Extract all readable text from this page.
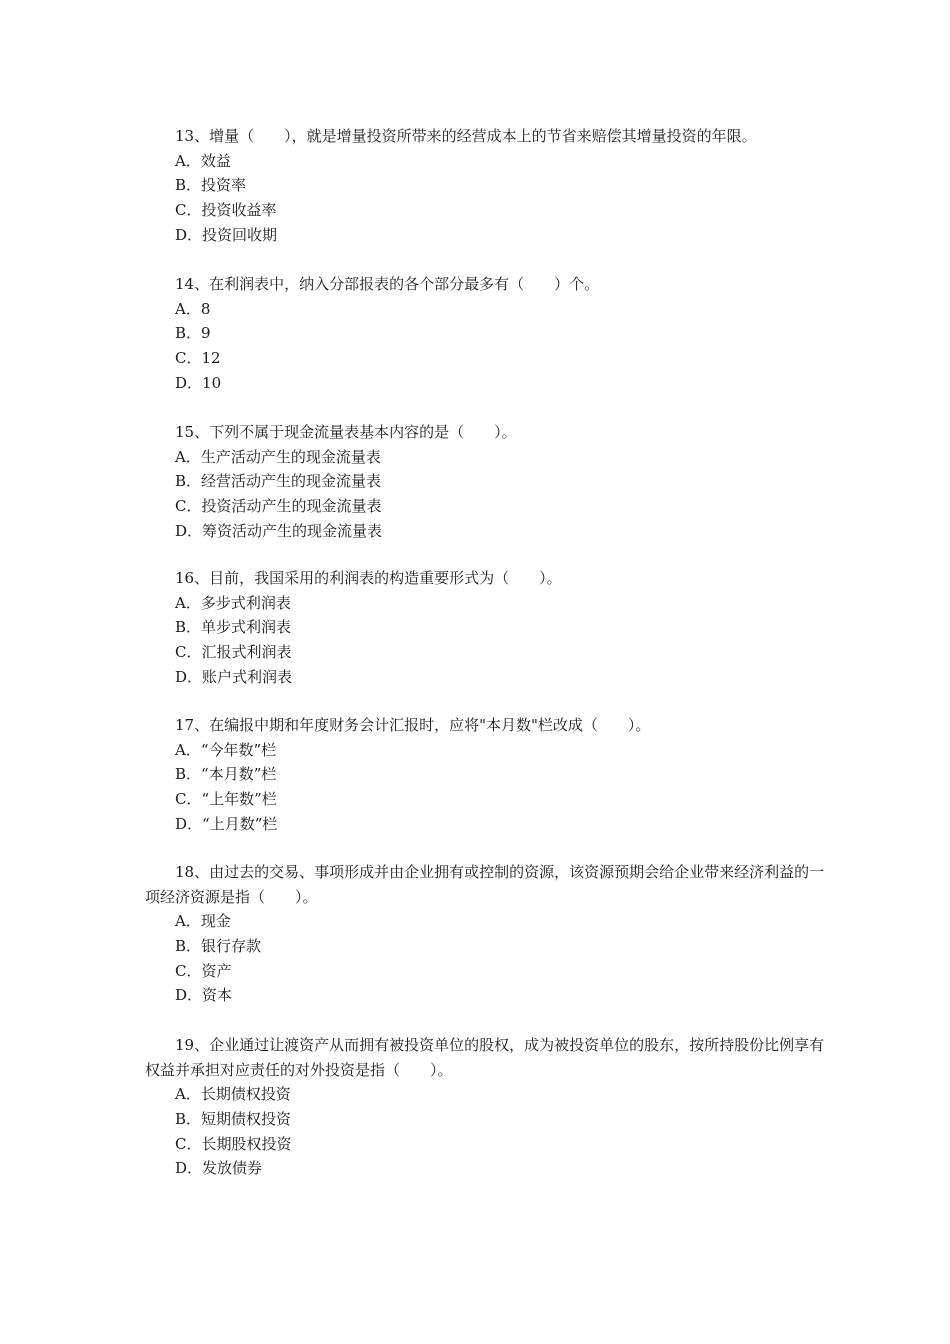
13、增量（　　），就是增量投资所带来的经营成本上的节省来赔偿其增量投资的年限。

A．效益
B．投资率
C．投资收益率
D．投资回收期

14、在利润表中，纳入分部报表的各个部分最多有（　　）个。

A．8
B．9
C．12
D．10

15、下列不属于现金流量表基本内容的是（　　）。

A．生产活动产生的现金流量表
B．经营活动产生的现金流量表
C．投资活动产生的现金流量表
D．筹资活动产生的现金流量表

16、目前，我国采用的利润表的构造重要形式为（　　）。

A．多步式利润表
B．单步式利润表
C．汇报式利润表
D．账户式利润表

17、在编报中期和年度财务会计汇报时，应将"本月数"栏改成（　　）。

A．“今年数”栏
B．“本月数”栏
C．“上年数”栏
D．“上月数”栏

18、由过去的交易、事项形成并由企业拥有或控制的资源，该资源预期会给企业带来经济利益的一项经济资源是指（　　）。

A．现金
B．银行存款
C．资产
D．资本

19、企业通过让渡资产从而拥有被投资单位的股权，成为被投资单位的股东，按所持股份比例享有权益并承担对应责任的对外投资是指（　　）。

A．长期债权投资
B．短期债权投资
C．长期股权投资
D．发放债券
